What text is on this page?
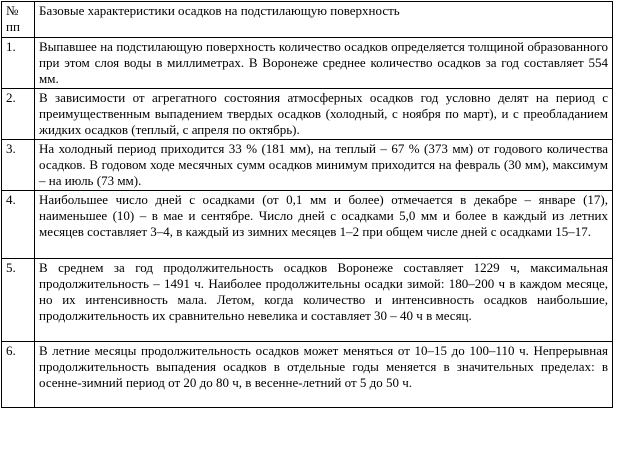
№ пп	Базовые характеристики осадков на подстилающую поверхность
1.	Выпавшее на подстилающую поверхность количество осадков определяется толщиной образованного при этом слоя воды в миллиметрах. В Воронеже среднее количество осадков за год составляет 554 мм.
2.	В зависимости от агрегатного состояния атмосферных осадков год условно делят на период с преимущественным выпадением твердых осадков (холодный, с ноября по март), и с преобладанием жидких осадков (теплый, с апреля по октябрь).
3.	На холодный период приходится 33 % (181 мм), на теплый – 67 % (373 мм) от годового количества осадков. В годовом ходе месячных сумм осадков минимум приходится на февраль (30 мм), максимум – на июль (73 мм).
4.	Наибольшее число дней с осадками (от 0,1 мм и более) отмечается в декабре – январе (17), наименьшее (10) – в мае и сентябре. Число дней с осадками 5,0 мм и более в каждый из летних месяцев составляет 3–4, в каждый из зимних месяцев 1–2 при общем числе дней с осадками 15–17.
5.	В среднем за год продолжительность осадков Воронеже составляет 1229 ч, максимальная продолжительность – 1491 ч. Наиболее продолжительны осадки зимой: 180–200 ч в каждом месяце, но их интенсивность мала. Летом, когда количество и интенсивность осадков наибольшие, продолжительность их сравнительно невелика и составляет 30 – 40 ч в месяц.
6.	В летние месяцы продолжительность осадков может меняться от 10–15 до 100–110 ч. Непрерывная продолжительность выпадения осадков в отдельные годы меняется в значительных пределах: в осенне-зимний период от 20 до 80 ч, в весенне-летний от 5 до 50 ч.
